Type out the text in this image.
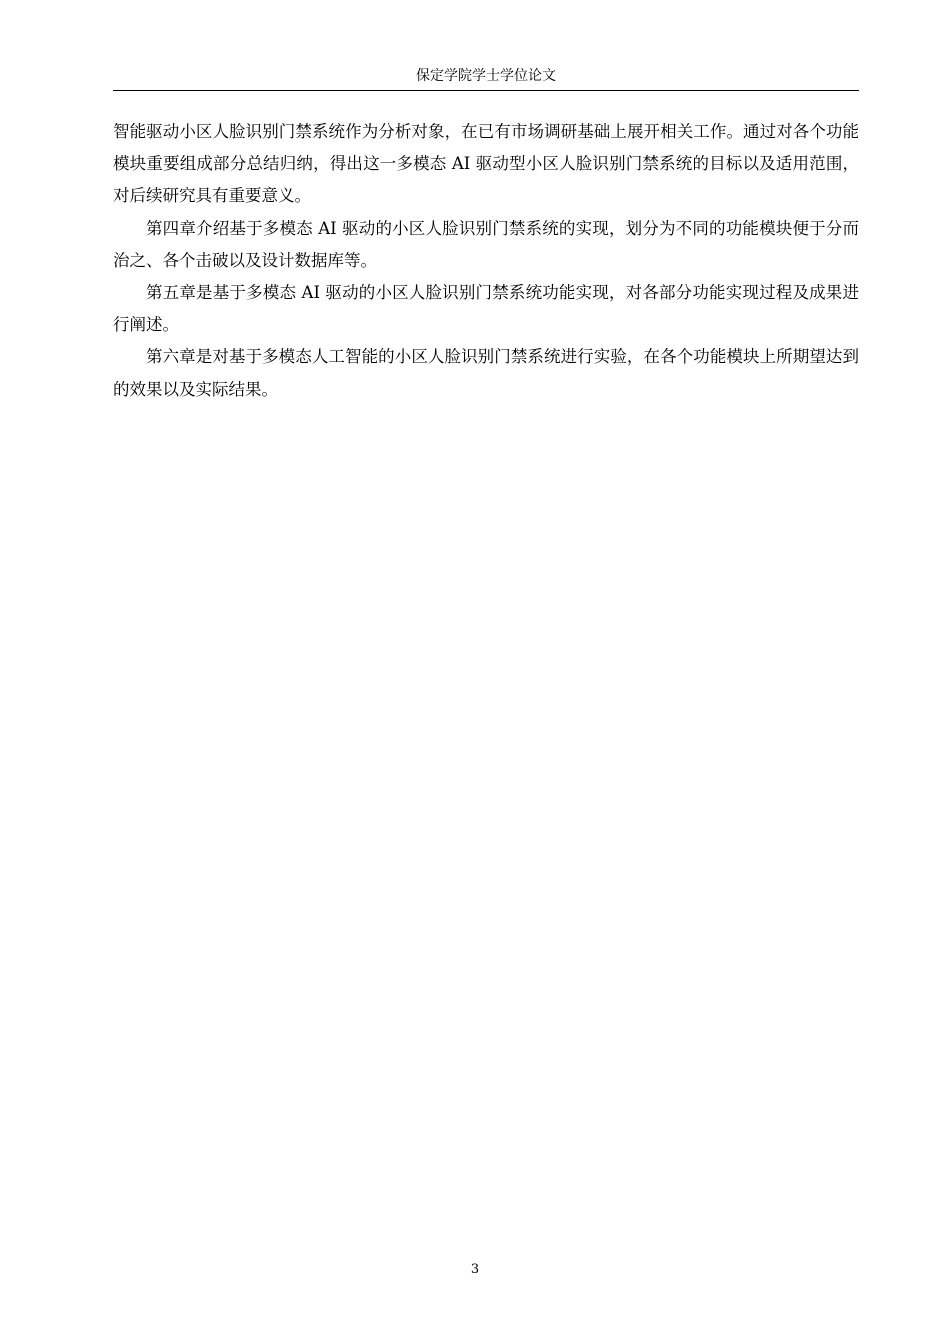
保定学院学士学位论文

智能驱动小区人脸识别门禁系统作为分析对象，在已有市场调研基础上展开相关工作。通过对各个功能模块重要组成部分总结归纳，得出这一多模态 AI 驱动型小区人脸识别门禁系统的目标以及适用范围，对后续研究具有重要意义。

第四章介绍基于多模态 AI 驱动的小区人脸识别门禁系统的实现，划分为不同的功能模块便于分而治之、各个击破以及设计数据库等。

第五章是基于多模态 AI 驱动的小区人脸识别门禁系统功能实现，对各部分功能实现过程及成果进行阐述。

第六章是对基于多模态人工智能的小区人脸识别门禁系统进行实验，在各个功能模块上所期望达到的效果以及实际结果。

3
